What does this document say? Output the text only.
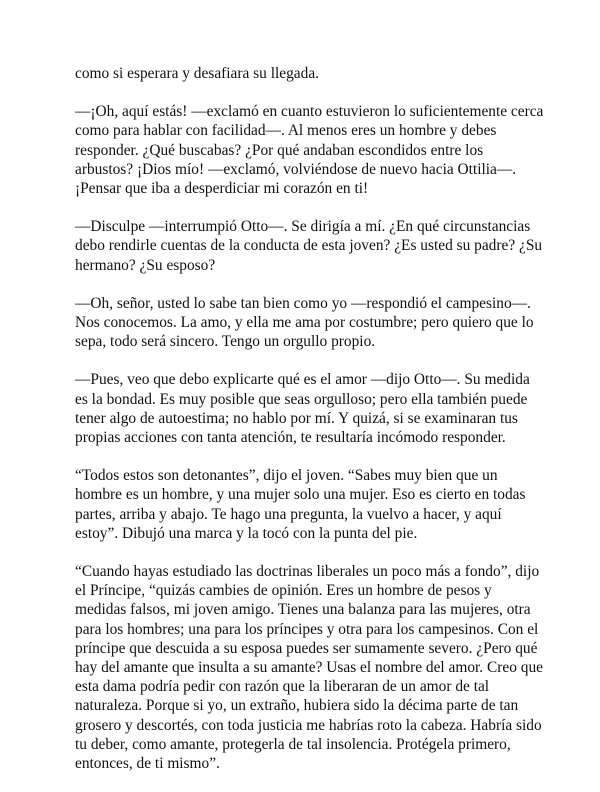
como si esperara y desafiara su llegada.

—¡Oh, aquí estás! —exclamó en cuanto estuvieron lo suficientemente cerca
como para hablar con facilidad—. Al menos eres un hombre y debes
responder. ¿Qué buscabas? ¿Por qué andaban escondidos entre los
arbustos? ¡Dios mío! —exclamó, volviéndose de nuevo hacia Ottilia—.
¡Pensar que iba a desperdiciar mi corazón en ti!

—Disculpe —interrumpió Otto—. Se dirigía a mí. ¿En qué circunstancias
debo rendirle cuentas de la conducta de esta joven? ¿Es usted su padre? ¿Su
hermano? ¿Su esposo?

—Oh, señor, usted lo sabe tan bien como yo —respondió el campesino—.
Nos conocemos. La amo, y ella me ama por costumbre; pero quiero que lo
sepa, todo será sincero. Tengo un orgullo propio.

—Pues, veo que debo explicarte qué es el amor —dijo Otto—. Su medida
es la bondad. Es muy posible que seas orgulloso; pero ella también puede
tener algo de autoestima; no hablo por mí. Y quizá, si se examinaran tus
propias acciones con tanta atención, te resultaría incómodo responder.

“Todos estos son detonantes”, dijo el joven. “Sabes muy bien que un
hombre es un hombre, y una mujer solo una mujer. Eso es cierto en todas
partes, arriba y abajo. Te hago una pregunta, la vuelvo a hacer, y aquí
estoy”. Dibujó una marca y la tocó con la punta del pie.

“Cuando hayas estudiado las doctrinas liberales un poco más a fondo”, dijo
el Príncipe, “quizás cambies de opinión. Eres un hombre de pesos y
medidas falsos, mi joven amigo. Tienes una balanza para las mujeres, otra
para los hombres; una para los príncipes y otra para los campesinos. Con el
príncipe que descuida a su esposa puedes ser sumamente severo. ¿Pero qué
hay del amante que insulta a su amante? Usas el nombre del amor. Creo que
esta dama podría pedir con razón que la liberaran de un amor de tal
naturaleza. Porque si yo, un extraño, hubiera sido la décima parte de tan
grosero y descortés, con toda justicia me habrías roto la cabeza. Habría sido
tu deber, como amante, protegerla de tal insolencia. Protégela primero,
entonces, de ti mismo”.
